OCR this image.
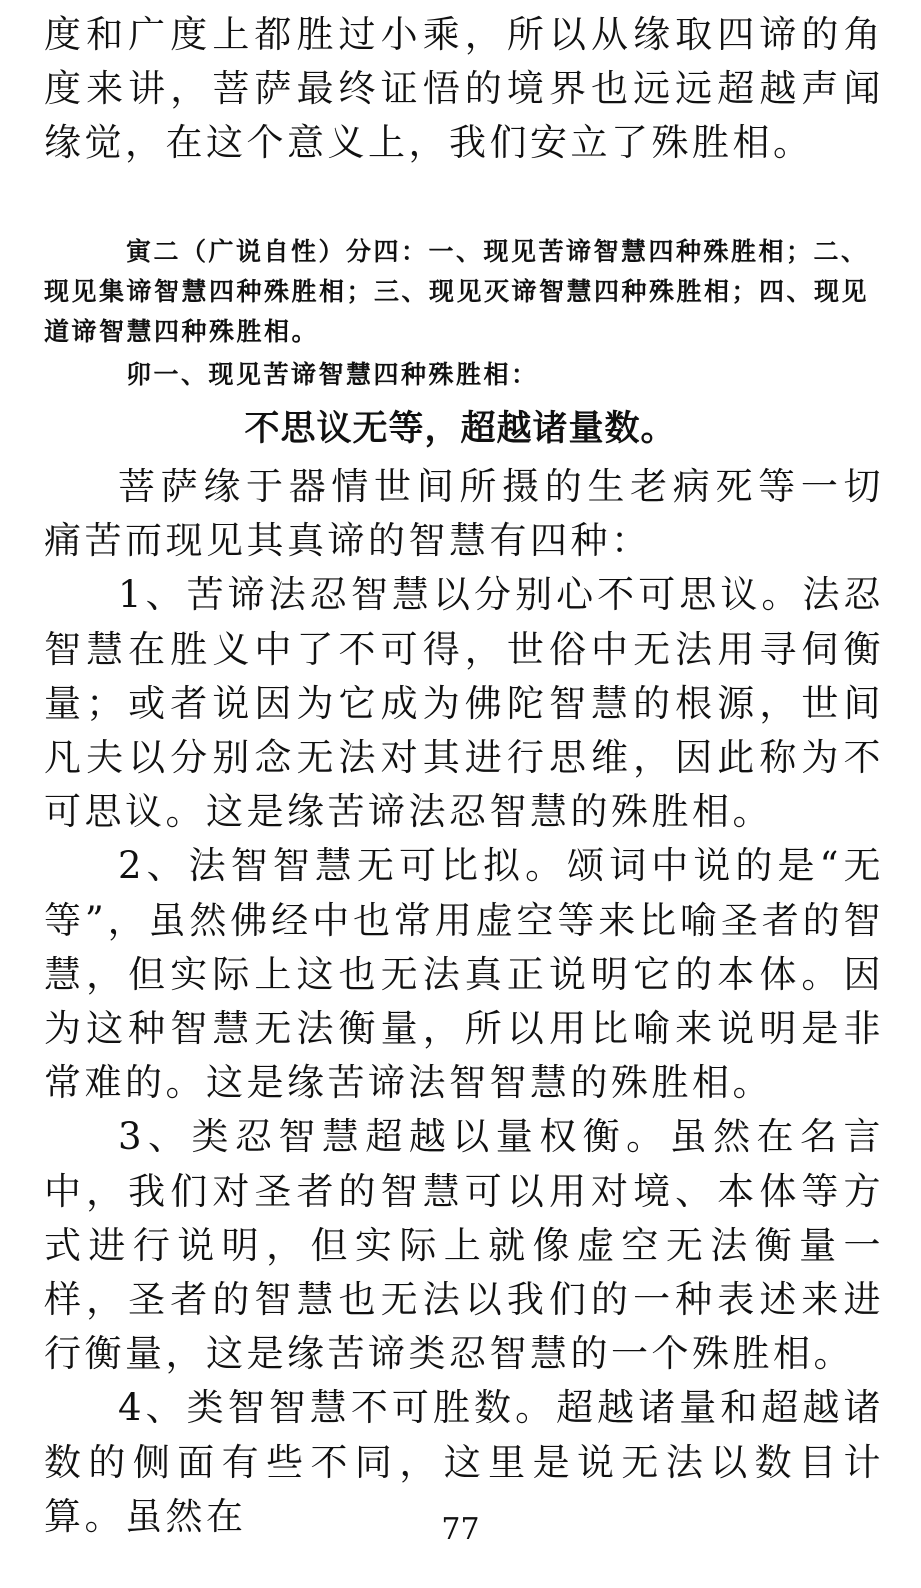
度和广度上都胜过小乘，所以从缘取四谛的角度来讲，菩萨最终证悟的境界也远远超越声闻缘觉，在这个意义上，我们安立了殊胜相。

寅二（广说自性）分四：一、现见苦谛智慧四种殊胜相；二、现见集谛智慧四种殊胜相；三、现见灭谛智慧四种殊胜相；四、现见道谛智慧四种殊胜相。

卯一、现见苦谛智慧四种殊胜相：

不思议无等，超越诸量数。

菩萨缘于器情世间所摄的生老病死等一切痛苦而现见其真谛的智慧有四种：

1、苦谛法忍智慧以分别心不可思议。法忍智慧在胜义中了不可得，世俗中无法用寻伺衡量；或者说因为它成为佛陀智慧的根源，世间凡夫以分别念无法对其进行思维，因此称为不可思议。这是缘苦谛法忍智慧的殊胜相。

2、法智智慧无可比拟。颂词中说的是“无等”，虽然佛经中也常用虚空等来比喻圣者的智慧，但实际上这也无法真正说明它的本体。因为这种智慧无法衡量，所以用比喻来说明是非常难的。这是缘苦谛法智智慧的殊胜相。

3、类忍智慧超越以量权衡。虽然在名言中，我们对圣者的智慧可以用对境、本体等方式进行说明，但实际上就像虚空无法衡量一样，圣者的智慧也无法以我们的一种表述来进行衡量，这是缘苦谛类忍智慧的一个殊胜相。

4、类智智慧不可胜数。超越诸量和超越诸数的侧面有些不同，这里是说无法以数目计算。虽然在	77
